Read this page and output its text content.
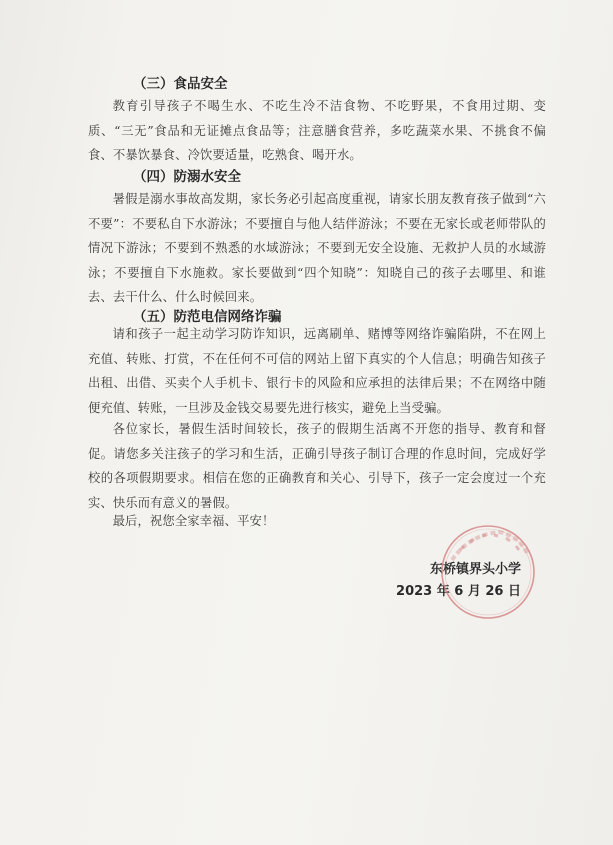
（三）食品安全

教育引导孩子不喝生水、不吃生冷不洁食物、不吃野果，不食用过期、变质、“三无”食品和无证摊点食品等；注意膳食营养，多吃蔬菜水果、不挑食不偏食、不暴饮暴食、冷饮要适量，吃熟食、喝开水。

（四）防溺水安全

暑假是溺水事故高发期，家长务必引起高度重视，请家长朋友教育孩子做到“六不要”：不要私自下水游泳；不要擅自与他人结伴游泳；不要在无家长或老师带队的情况下游泳；不要到不熟悉的水域游泳；不要到无安全设施、无救护人员的水域游泳；不要擅自下水施救。家长要做到“四个知晓”：知晓自己的孩子去哪里、和谁去、去干什么、什么时候回来。

（五）防范电信网络诈骗

请和孩子一起主动学习防诈知识，远离刷单、赌博等网络诈骗陷阱，不在网上充值、转账、打赏，不在任何不可信的网站上留下真实的个人信息；明确告知孩子出租、出借、买卖个人手机卡、银行卡的风险和应承担的法律后果；不在网络中随便充值、转账，一旦涉及金钱交易要先进行核实，避免上当受骗。

各位家长，暑假生活时间较长，孩子的假期生活离不开您的指导、教育和督促。请您多关注孩子的学习和生活，正确引导孩子制订合理的作息时间，完成好学校的各项假期要求。相信在您的正确教育和关心、引导下，孩子一定会度过一个充实、快乐而有意义的暑假。

最后，祝您全家幸福、平安！

东桥镇界头小学
2023 年 6 月 26 日
